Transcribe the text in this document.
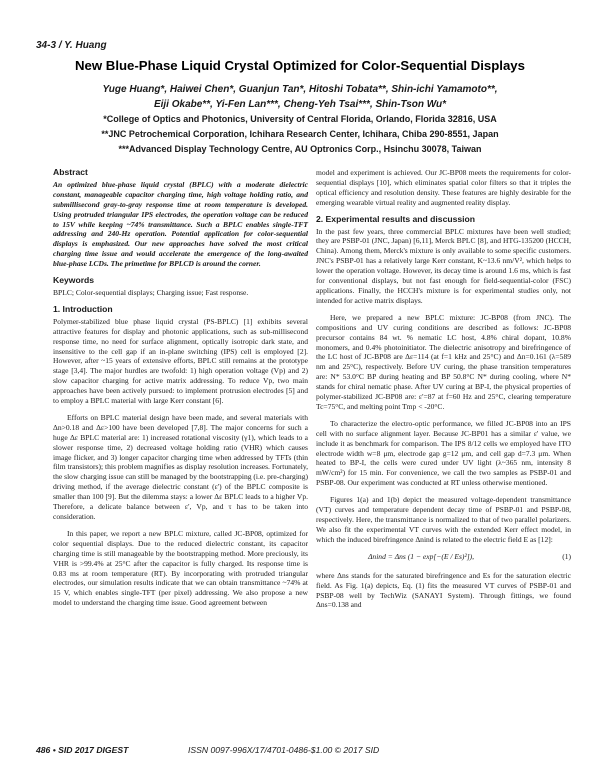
34-3 / Y. Huang
New Blue-Phase Liquid Crystal Optimized for Color-Sequential Displays
Yuge Huang*, Haiwei Chen*, Guanjun Tan*, Hitoshi Tobata**, Shin-ichi Yamamoto**,
Eiji Okabe**, Yi-Fen Lan***, Cheng-Yeh Tsai***, Shin-Tson Wu*
*College of Optics and Photonics, University of Central Florida, Orlando, Florida 32816, USA
**JNC Petrochemical Corporation, Ichihara Research Center, Ichihara, Chiba 290-8551, Japan
***Advanced Display Technology Centre, AU Optronics Corp., Hsinchu 30078, Taiwan
Abstract

An optimized blue-phase liquid crystal (BPLC) with a moderate dielectric constant, manageable capacitor charging time, high voltage holding ratio, and submillisecond gray-to-gray response time at room temperature is developed. Using protruded triangular IPS electrodes, the operation voltage can be reduced to 15V while keeping ~74% transmittance. Such a BPLC enables single-TFT addressing and 240-Hz operation. Potential application for color-sequential displays is emphasized. Our new approaches have solved the most critical charging time issue and would accelerate the emergence of the long-awaited blue-phase LCDs. The primetime for BPLCD is around the corner.

Keywords

BPLC; Color-sequential displays; Charging issue; Fast response.

1. Introduction

Polymer-stabilized blue phase liquid crystal (PS-BPLC) [1] exhibits several attractive features for display and photonic applications, such as sub-millisecond response time, no need for surface alignment, optically isotropic dark state, and insensitive to the cell gap if an in-plane switching (IPS) cell is employed [2]. However, after ~15 years of extensive efforts, BPLC still remains at the prototype stage [3,4]. The major hurdles are twofold: 1) high operation voltage (Vp) and 2) slow capacitor charging for active matrix addressing. To reduce Vp, two main approaches have been actively pursued: to implement protrusion electrodes [5] and to employ a BPLC material with large Kerr constant [6].

Efforts on BPLC material design have been made, and several materials with Δn>0.18 and Δε>100 have been developed [7,8]. The major concerns for such a huge Δε BPLC material are: 1) increased rotational viscosity (γ1), which leads to a slower response time, 2) decreased voltage holding ratio (VHR) which causes image flicker, and 3) longer capacitor charging time when addressed by TFTs (thin film transistors); this problem magnifies as display resolution increases. Fortunately, the slow charging issue can still be managed by the bootstrapping (i.e. pre-charging) driving method, if the average dielectric constant (ε') of the BPLC composite is smaller than 100 [9]. But the dilemma stays: a lower Δε BPLC leads to a higher Vp. Therefore, a delicate balance between ε', Vp, and τ has to be taken into consideration.

In this paper, we report a new BPLC mixture, called JC-BP08, optimized for color sequential displays. Due to the reduced dielectric constant, its capacitor charging time is still manageable by the bootstrapping method. More preciously, its VHR is >99.4% at 25°C after the capacitor is fully charged. Its response time is 0.83 ms at room temperature (RT). By incorporating with protruded triangular electrodes, our simulation results indicate that we can obtain transmittance ~74% at 15 V, which enables single-TFT (per pixel) addressing. We also propose a new model to understand the charging time issue. Good agreement between

model and experiment is achieved. Our JC-BP08 meets the requirements for color-sequential displays [10], which eliminates spatial color filters so that it triples the optical efficiency and resolution density. These features are highly desirable for the emerging wearable virtual reality and augmented reality display.

2. Experimental results and discussion

In the past few years, three commercial BPLC mixtures have been well studied; they are PSBP-01 (JNC, Japan) [6,11], Merck BPLC [8], and HTG-135200 (HCCH, China). Among them, Merck's mixture is only available to some specific customers. JNC's PSBP-01 has a relatively large Kerr constant, K~13.6 nm/V², which helps to lower the operation voltage. However, its decay time is around 1.6 ms, which is fast for conventional displays, but not fast enough for field-sequential-color (FSC) applications. Finally, the HCCH's mixture is for experimental studies only, not intended for active matrix displays.

Here, we prepared a new BPLC mixture: JC-BP08 (from JNC). The compositions and UV curing conditions are described as follows: JC-BP08 precursor contains 84 wt. % nematic LC host, 4.8% chiral dopant, 10.8% monomers, and 0.4% photoinitiator. The dielectric anisotropy and birefringence of the LC host of JC-BP08 are Δε=114 (at f=1 kHz and 25°C) and Δn=0.161 (λ=589 nm and 25°C), respectively. Before UV curing, the phase transition temperatures are: N* 53.0°C BP during heating and BP 50.8°C N* during cooling, where N* stands for chiral nematic phase. After UV curing at BP-I, the physical properties of polymer-stabilized JC-BP08 are: ε'=87 at f=60 Hz and 25°C, clearing temperature Tc=75°C, and melting point Tmp < -20°C.

To characterize the electro-optic performance, we filled JC-BP08 into an IPS cell with no surface alignment layer. Because JC-BP01 has a similar ε' value, we include it as benchmark for comparison. The IPS 8/12 cells we employed have ITO electrode width w=8 μm, electrode gap g=12 μm, and cell gap d=7.3 μm. When heated to BP-I, the cells were cured under UV light (λ~365 nm, intensity 8 mW/cm²) for 15 min. For convenience, we call the two samples as PSBP-01 and PSBP-08. Our experiment was conducted at RT unless otherwise mentioned.

Figures 1(a) and 1(b) depict the measured voltage-dependent transmittance (VT) curves and temperature dependent decay time of PSBP-01 and PSBP-08, respectively. Here, the transmittance is normalized to that of two parallel polarizers. We also fit the experimental VT curves with the extended Kerr effect model, in which the induced birefringence Δnind is related to the electric field E as [12]:

Δnind = Δns (1 − exp[−(E / Es)²]),	(1)

where Δns stands for the saturated birefringence and Es for the saturation electric field. As Fig. 1(a) depicts, Eq. (1) fits the measured VT curves of PSBP-01 and PSBP-08 well by TechWiz (SANAYI System). Through fittings, we found Δns=0.138 and

486 • SID 2017 DIGEST	ISSN 0097-996X/17/4701-0486-$1.00 © 2017 SID
